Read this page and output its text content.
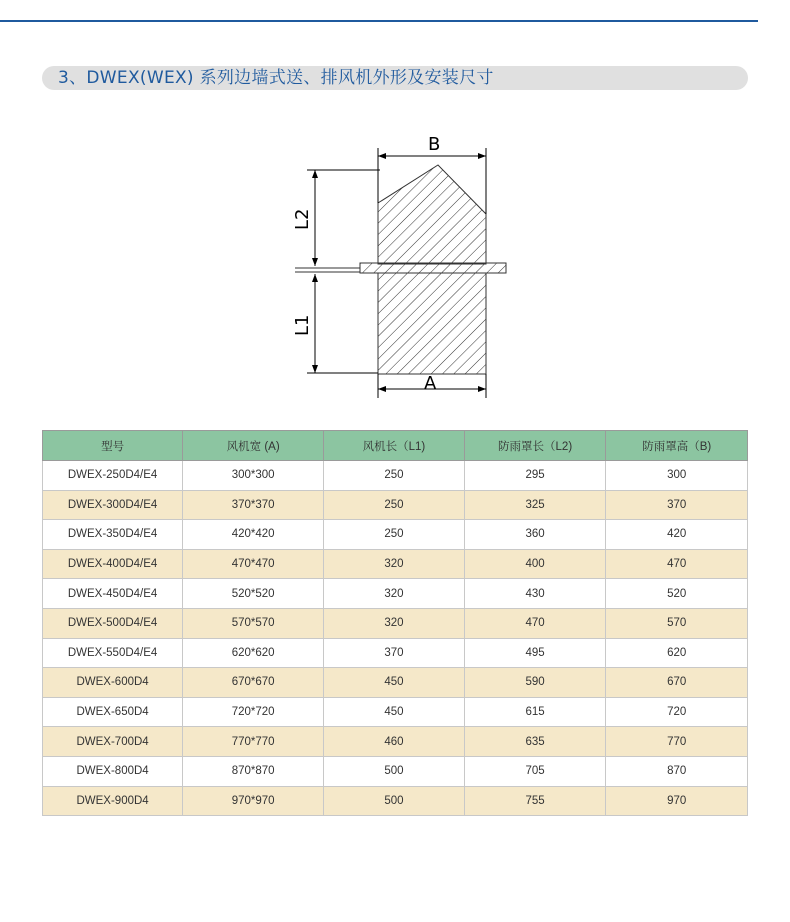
3、DWEX(WEX) 系列边墙式送、排风机外形及安装尺寸
B
L2
L1
A
型号	风机宽 (A)	风机长（L1)	防雨罩长（L2)	防雨罩高（B)
DWEX-250D4/E4	300*300	250	295	300
DWEX-300D4/E4	370*370	250	325	370
DWEX-350D4/E4	420*420	250	360	420
DWEX-400D4/E4	470*470	320	400	470
DWEX-450D4/E4	520*520	320	430	520
DWEX-500D4/E4	570*570	320	470	570
DWEX-550D4/E4	620*620	370	495	620
DWEX-600D4	670*670	450	590	670
DWEX-650D4	720*720	450	615	720
DWEX-700D4	770*770	460	635	770
DWEX-800D4	870*870	500	705	870
DWEX-900D4	970*970	500	755	970
